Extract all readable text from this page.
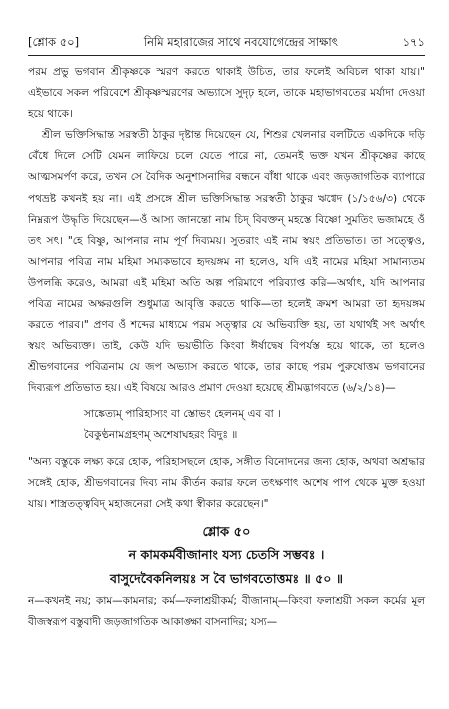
[শ্লোক ৫০]	নিমি মহারাজের সাথে নবযোগেন্দ্রের সাক্ষাৎ	১৭১

পরম প্রভু ভগবান শ্রীকৃষ্ণকে স্মরণ করতে থাকাই উচিত, তার ফলেই অবিচল থাকা যায়।" এইভাবে সকল পরিবেশে শ্রীকৃষ্ণস্মরণের অভ্যাসে সুদৃঢ় হলে, তাকে মহাভাগবতের মর্যাদা দেওয়া হয়ে থাকে।

শ্রীল ভক্তিসিদ্ধান্ত সরস্বতী ঠাকুর দৃষ্টান্ত দিয়েছেন যে, শিশুর খেলনার বলটিতে একদিকে দড়ি বেঁধে দিলে সেটি যেমন লাফিয়ে চলে যেতে পারে না, তেমনই ভক্ত যখন শ্রীকৃষ্ণের কাছে আত্মসমর্পণ করে, তখন সে বৈদিক অনুশাসনাদির বন্ধনে বাঁধা থাকে এবং জড়জাগতিক ব্যাপারে পথভ্রষ্ট কখনই হয় না। এই প্রসঙ্গে শ্রীল ভক্তিসিদ্ধান্ত সরস্বতী ঠাকুর ঋগ্বেদ (১/১৫৬/৩) থেকে নিম্নরূপ উদ্ধৃতি দিয়েছেন—ওঁ আস্য জানন্তো নাম চিদ্ বিবক্তন্ মহস্তে বিষ্ণো সুমতিং ভজামহে ওঁ তৎ সৎ। "হে বিষ্ণু, আপনার নাম পূর্ণ দিব্যময়। সুতরাং এই নাম স্বয়ং প্রতিভাত। তা সত্ত্বেও, আপনার পবিত্র নাম মহিমা সম্যকভাবে হৃদয়ঙ্গম না হলেও, যদি এই নামের মহিমা সামান্যতম উপলব্ধি করেও, আমরা এই মহিমা অতি অল্প পরিমাণে পরিব্যাপ্ত করি—অর্থাৎ, যদি আপনার পবিত্র নামের অক্ষরগুলি শুধুমাত্র আবৃত্তি করতে থাকি—তা হলেই ক্রমশ আমরা তা হৃদয়ঙ্গম করতে পারব।" প্রণব ওঁ শব্দের মাধ্যমে পরম সত্ত্বার যে অভিব্যক্তি হয়, তা যথার্থই সৎ অর্থাৎ স্বয়ং অভিব্যক্ত। তাই, কেউ যদি ভয়ভীতি কিংবা ঈর্ষাদ্বেষ বিপর্যস্ত হয়ে থাকে, তা হলেও শ্রীভগবানের পবিত্রনাম যে জপ অভ্যাস করতে থাকে, তার কাছে পরম পুরুষোত্তম ভগবানের দিব্যরূপ প্রতিভাত হয়। এই বিষয়ে আরও প্রমাণ দেওয়া হয়েছে শ্রীমদ্ভাগবতে (৬/২/১৪)—

সাঙ্কেত্যম্ পারিহাস্যং বা স্তোভং হেলনম্ এব বা ।
বৈকুণ্ঠনামগ্রহণম্ অশেষাঘহরং বিদুঃ ॥

"অন্য বস্তুকে লক্ষ্য করে হোক, পরিহাসছলে হোক, সঙ্গীত বিনোদনের জন্য হোক, অথবা অশ্রদ্ধার সঙ্গেই হোক, শ্রীভগবানের দিব্য নাম কীর্তন করার ফলে তৎক্ষণাৎ অশেষ পাপ থেকে মুক্ত হওয়া যায়। শাস্ত্রতত্ত্ববিদ্ মহাজনেরা সেই কথা স্বীকার করেছেন।"

শ্লোক ৫০

ন কামকর্মবীজানাং যস্য চেতসি সম্ভবঃ ।
বাসুদেবৈকনিলয়ঃ স বৈ ভাগবতোত্তমঃ ॥ ৫০ ॥

ন—কখনই নয়; কাম—কামনার; কর্ম—ফলাশ্রয়ীকর্ম; বীজানাম্—কিংবা ফলাশ্রয়ী সকল কর্মের মূল বীজস্বরূপ বস্তুবাদী জড়জাগতিক আকাঙ্ক্ষা বাসনাদির; যস্য—
